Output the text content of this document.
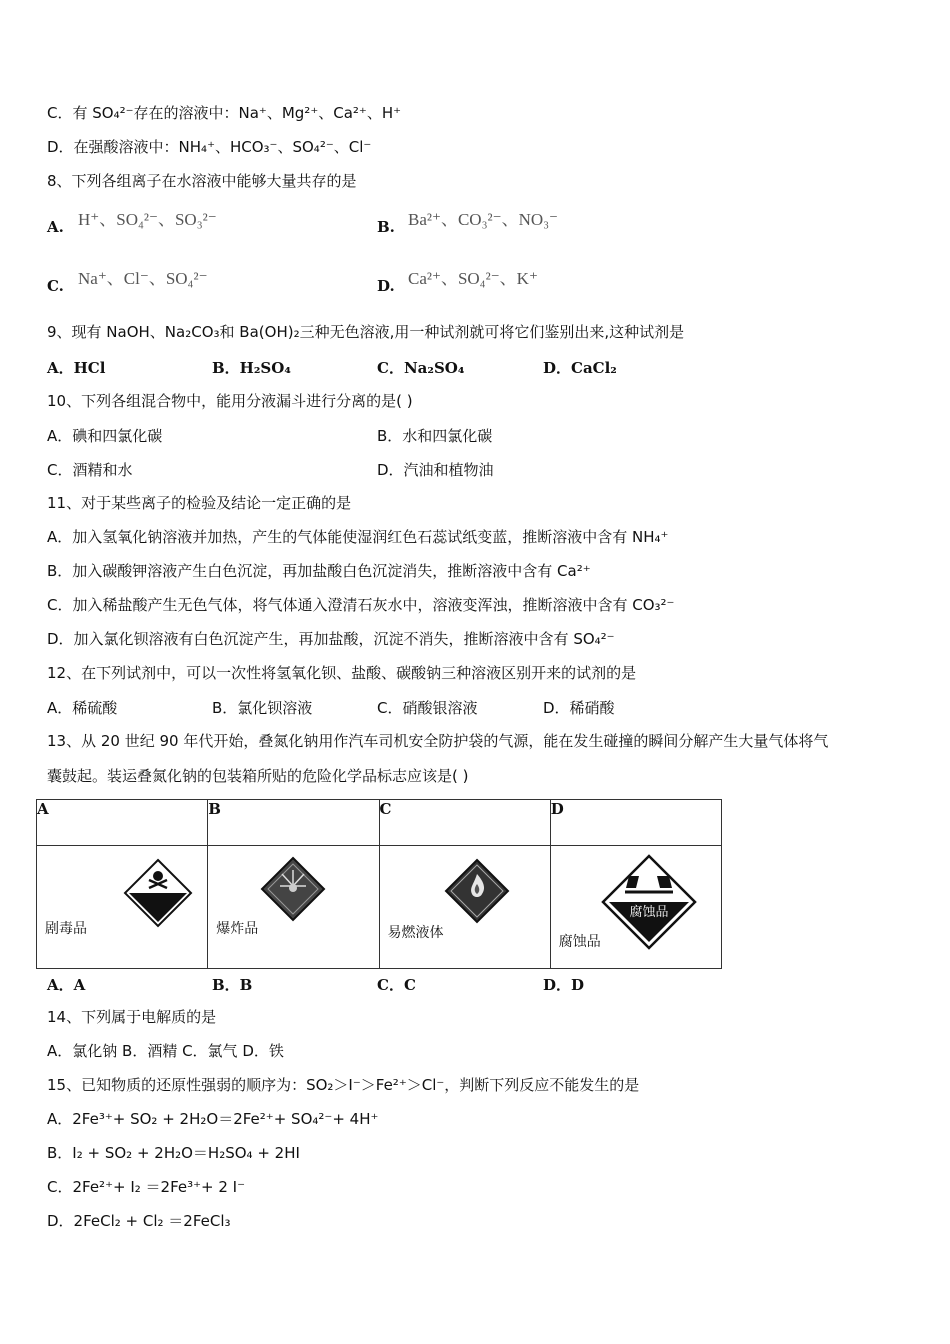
C．有 SO₄²⁻存在的溶液中：Na⁺、Mg²⁺、Ca²⁺、H⁺
D．在强酸溶液中：NH₄⁺、HCO₃⁻、SO₄²⁻、Cl⁻
8、下列各组离子在水溶液中能够大量共存的是
A. H⁺、SO₄²⁻、SO₃²⁻	B. Ba²⁺、CO₃²⁻、NO₃⁻
C. Na⁺、Cl⁻、SO₄²⁻	D. Ca²⁺、SO₄²⁻、K⁺
9、现有 NaOH、Na₂CO₃和 Ba(OH)₂三种无色溶液,用一种试剂就可将它们鉴别出来,这种试剂是
A．HCl	B．H₂SO₄	C．Na₂SO₄	D．CaCl₂
10、下列各组混合物中，能用分液漏斗进行分离的是( )
A．碘和四氯化碳	B．水和四氯化碳
C．酒精和水	D．汽油和植物油
11、对于某些离子的检验及结论一定正确的是
A．加入氢氧化钠溶液并加热，产生的气体能使湿润红色石蕊试纸变蓝，推断溶液中含有 NH₄⁺
B．加入碳酸钾溶液产生白色沉淀，再加盐酸白色沉淀消失，推断溶液中含有 Ca²⁺
C．加入稀盐酸产生无色气体，将气体通入澄清石灰水中，溶液变浑浊，推断溶液中含有 CO₃²⁻
D．加入氯化钡溶液有白色沉淀产生，再加盐酸，沉淀不消失，推断溶液中含有 SO₄²⁻
12、在下列试剂中，可以一次性将氢氧化钡、盐酸、碳酸钠三种溶液区别开来的试剂的是
A．稀硫酸	B．氯化钡溶液	C．硝酸银溶液	D．稀硝酸
13、从 20 世纪 90 年代开始，叠氮化钠用作汽车司机安全防护袋的气源，能在发生碰撞的瞬间分解产生大量气体将气
囊鼓起。装运叠氮化钠的包装箱所贴的危险化学品标志应该是( )
A	B	C	D

剧毒品	爆炸品	易燃液体	腐蚀品
腐蚀品
A．A	B．B	C．C	D．D
14、下列属于电解质的是
A．氯化钠 B．酒精 C．氯气 D．铁
15、已知物质的还原性强弱的顺序为：SO₂＞I⁻＞Fe²⁺＞Cl⁻，判断下列反应不能发生的是
A．2Fe³⁺+ SO₂ + 2H₂O＝2Fe²⁺+ SO₄²⁻+ 4H⁺
B．I₂ + SO₂ + 2H₂O＝H₂SO₄ + 2HI
C．2Fe²⁺+ I₂ ＝2Fe³⁺+ 2 I⁻
D．2FeCl₂ + Cl₂ ＝2FeCl₃
